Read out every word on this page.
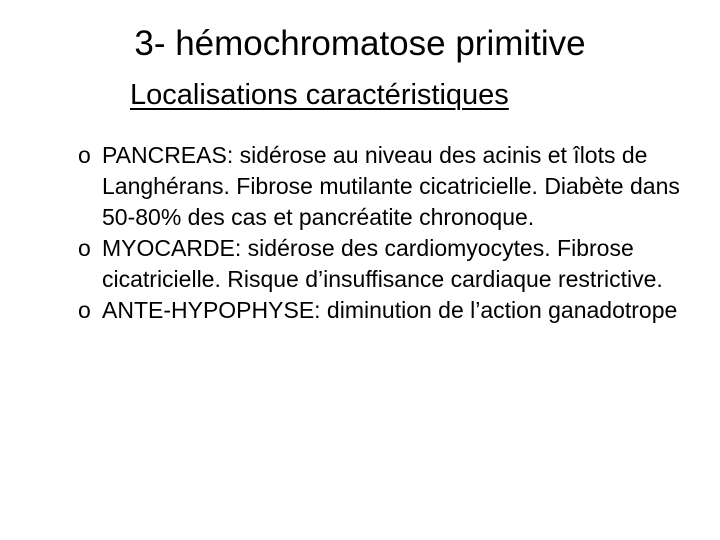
3- hémochromatose primitive
Localisations caractéristiques
o PANCREAS: sidérose au niveau des acinis et îlots de Langhérans. Fibrose mutilante cicatricielle. Diabète dans 50-80% des cas et pancréatite chronoque.
o MYOCARDE: sidérose des cardiomyocytes. Fibrose cicatricielle. Risque d’insuffisance cardiaque restrictive.
o ANTE-HYPOPHYSE: diminution de l’action ganadotrope
